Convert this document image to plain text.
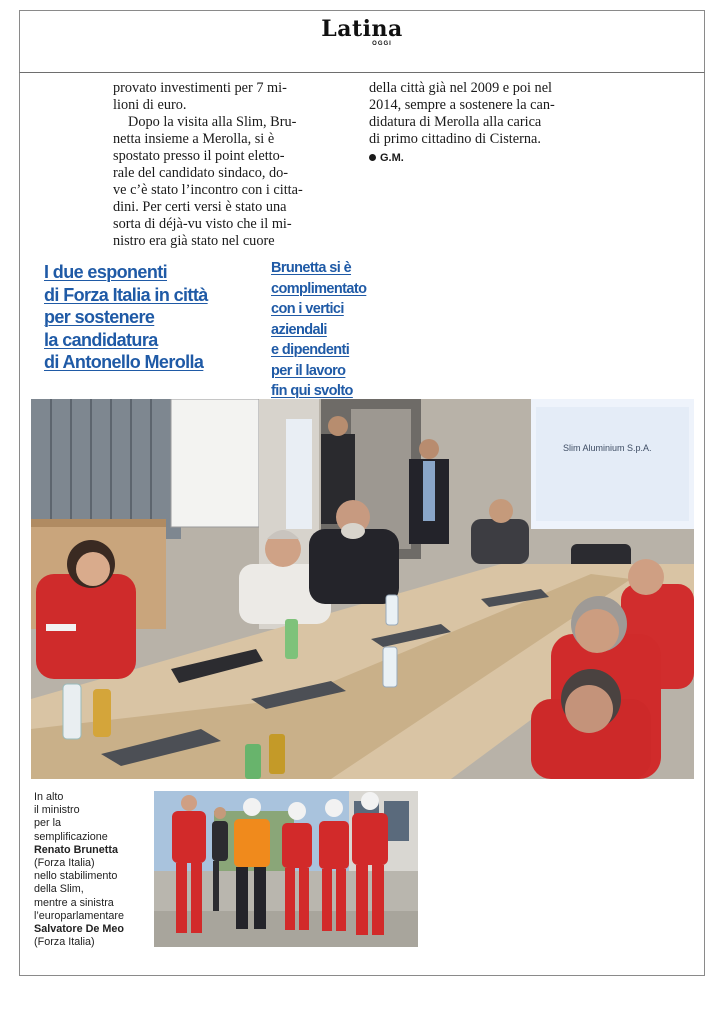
Latina
OGGI

provato investimenti per 7 mi-
lioni di euro.

Dopo la visita alla Slim, Bru-
netta insieme a Merolla, si è
spostato presso il point eletto-
rale del candidato sindaco, do-
ve c’è stato l’incontro con i citta-
dini. Per certi versi è stato una
sorta di déjà-vu visto che il mi-
nistro era già stato nel cuore

della città già nel 2009 e poi nel
2014, sempre a sostenere la can-
didatura di Merolla alla carica
di primo cittadino di Cisterna.
G.M.
I due esponenti
di Forza Italia in città
per sostenere
la candidatura
di Antonello Merolla
Brunetta si è
complimentato
con i vertici
aziendali
e dipendenti
per il lavoro
fin qui svolto
Slim Aluminium S.p.A.
In alto
il ministro
per la
semplificazione
Renato Brunetta
(Forza Italia)
nello stabilimento
della Slim,
mentre a sinistra
l’europarlamentare
Salvatore De Meo
(Forza Italia)
